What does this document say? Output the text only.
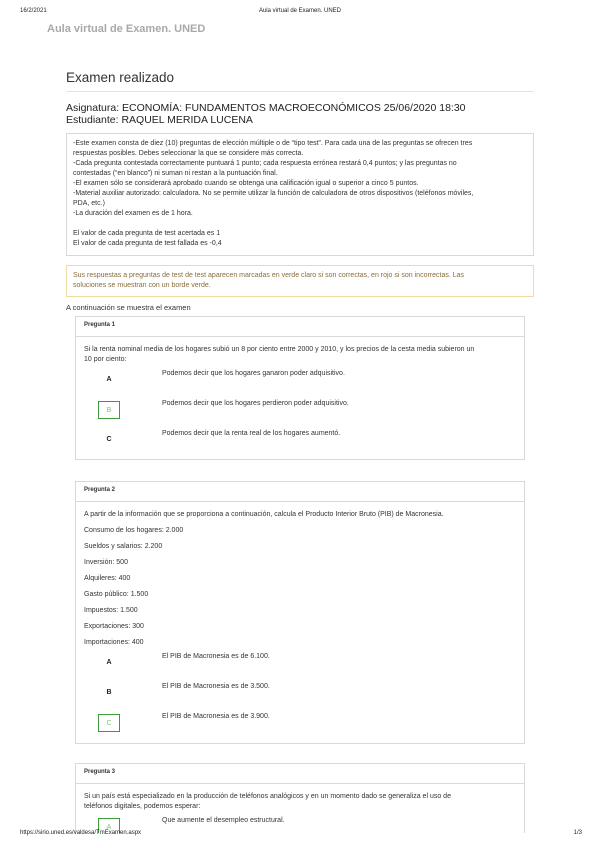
16/2/2021	Aula virtual de Examen. UNED
Aula virtual de Examen. UNED
Examen realizado
Asignatura: ECONOMÍA: FUNDAMENTOS MACROECONÓMICOS 25/06/2020 18:30
Estudiante: RAQUEL MERIDA LUCENA

-Este examen consta de diez (10) preguntas de elección múltiple o de “tipo test”. Para cada una de las preguntas se ofrecen tres

respuestas posibles. Debes seleccionar la que se considere más correcta.

-Cada pregunta contestada correctamente puntuará 1 punto; cada respuesta errónea restará 0,4 puntos; y las preguntas no

contestadas (“en blanco”) ni suman ni restan a la puntuación final.

-El examen sólo se considerará aprobado cuando se obtenga una calificación igual o superior a cinco 5 puntos.

-Material auxiliar autorizado: calculadora. No se permite utilizar la función de calculadora de otros dispositivos (teléfonos móviles,

PDA, etc.)

-La duración del examen es de 1 hora.

El valor de cada pregunta de test acertada es 1

El valor de cada pregunta de test fallada es -0,4

Sus respuestas a preguntas de test de test aparecen marcadas en verde claro si son correctas, en rojo si son incorrectas. Las

soluciones se muestran con un borde verde.

A continuación se muestra el examen
Pregunta 1
Si la renta nominal media de los hogares subió un 8 por ciento entre 2000 y 2010, y los precios de la cesta media subieron un
10 por ciento:
A
Podemos decir que los hogares ganaron poder adquisitivo.
B
Podemos decir que los hogares perdieron poder adquisitivo.
C
Podemos decir que la renta real de los hogares aumentó.
Pregunta 2
A partir de la información que se proporciona a continuación, calcula el Producto Interior Bruto (PIB) de Macronesia.
Consumo de los hogares: 2.000
Sueldos y salarios: 2.200
Inversión: 500
Alquileres: 400
Gasto público: 1.500
Impuestos: 1.500
Exportaciones: 300
Importaciones: 400
A
El PIB de Macronesia es de 6.100.
B
El PIB de Macronesia es de 3.500.
C
El PIB de Macronesia es de 3.900.
Pregunta 3
Si un país está especializado en la producción de teléfonos analógicos y en un momento dado se generaliza el uso de
teléfonos digitales, podemos esperar:
A
Que aumente el desempleo estructural.
https://sirio.uned.es/valdesa/TmExamen.aspx	1/3
